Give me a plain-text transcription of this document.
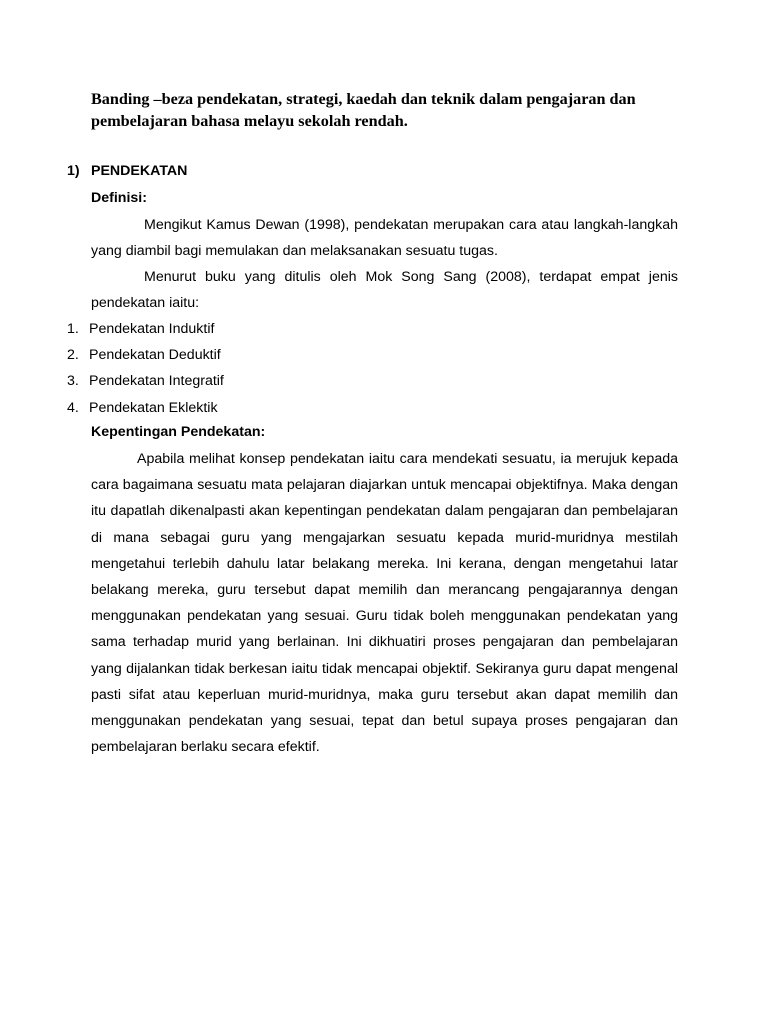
Banding –beza pendekatan, strategi, kaedah dan teknik dalam pengajaran dan pembelajaran bahasa melayu sekolah rendah.
1) PENDEKATAN
Definisi:

Mengikut Kamus Dewan (1998), pendekatan merupakan cara atau langkah-langkah yang diambil bagi memulakan dan melaksanakan sesuatu tugas.

Menurut buku yang ditulis oleh Mok Song Sang (2008), terdapat empat jenis pendekatan iaitu:

1. Pendekatan Induktif
2. Pendekatan Deduktif
3. Pendekatan Integratif
4. Pendekatan Eklektik
Kepentingan Pendekatan:

Apabila melihat konsep pendekatan iaitu cara mendekati sesuatu, ia merujuk kepada cara bagaimana sesuatu mata pelajaran diajarkan untuk mencapai objektifnya. Maka dengan itu dapatlah dikenalpasti akan kepentingan pendekatan dalam pengajaran dan pembelajaran di mana sebagai guru yang mengajarkan sesuatu kepada murid-muridnya mestilah mengetahui terlebih dahulu latar belakang mereka. Ini kerana, dengan mengetahui latar belakang mereka, guru tersebut dapat memilih dan merancang pengajarannya dengan menggunakan pendekatan yang sesuai. Guru tidak boleh menggunakan pendekatan yang sama terhadap murid yang berlainan. Ini dikhuatiri proses pengajaran dan pembelajaran yang dijalankan tidak berkesan iaitu tidak mencapai objektif. Sekiranya guru dapat mengenal pasti sifat atau keperluan murid-muridnya, maka guru tersebut akan dapat memilih dan menggunakan pendekatan yang sesuai, tepat dan betul supaya proses pengajaran dan pembelajaran berlaku secara efektif.
